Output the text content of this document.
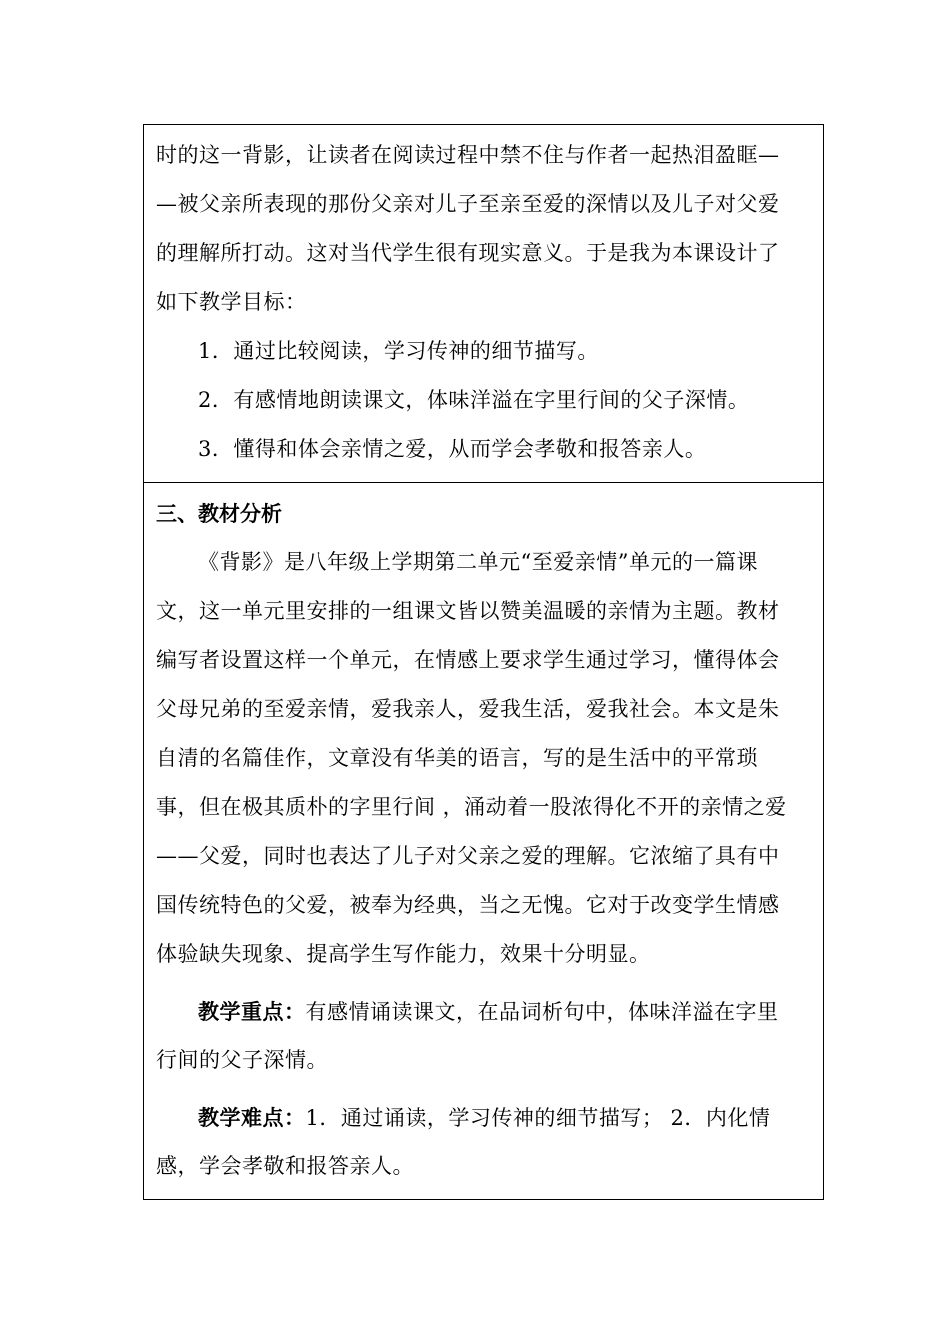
时的这一背影，让读者在阅读过程中禁不住与作者一起热泪盈眶—
—被父亲所表现的那份父亲对儿子至亲至爱的深情以及儿子对父爱
的理解所打动。这对当代学生很有现实意义。于是我为本课设计了
如下教学目标：
1．通过比较阅读，学习传神的细节描写。
2．有感情地朗读课文，体味洋溢在字里行间的父子深情。
3．懂得和体会亲情之爱，从而学会孝敬和报答亲人。

三、教材分析
《背影》是八年级上学期第二单元“至爱亲情”单元的一篇课
文，这一单元里安排的一组课文皆以赞美温暖的亲情为主题。教材
编写者设置这样一个单元，在情感上要求学生通过学习，懂得体会
父母兄弟的至爱亲情，爱我亲人，爱我生活，爱我社会。本文是朱
自清的名篇佳作，文章没有华美的语言，写的是生活中的平常琐
事，但在极其质朴的字里行间 ，涌动着一股浓得化不开的亲情之爱
——父爱，同时也表达了儿子对父亲之爱的理解。它浓缩了具有中
国传统特色的父爱，被奉为经典，当之无愧。它对于改变学生情感
体验缺失现象、提高学生写作能力，效果十分明显。
教学重点：有感情诵读课文，在品词析句中，体味洋溢在字里
行间的父子深情。
教学难点：1．通过诵读，学习传神的细节描写； 2．内化情
感，学会孝敬和报答亲人。
